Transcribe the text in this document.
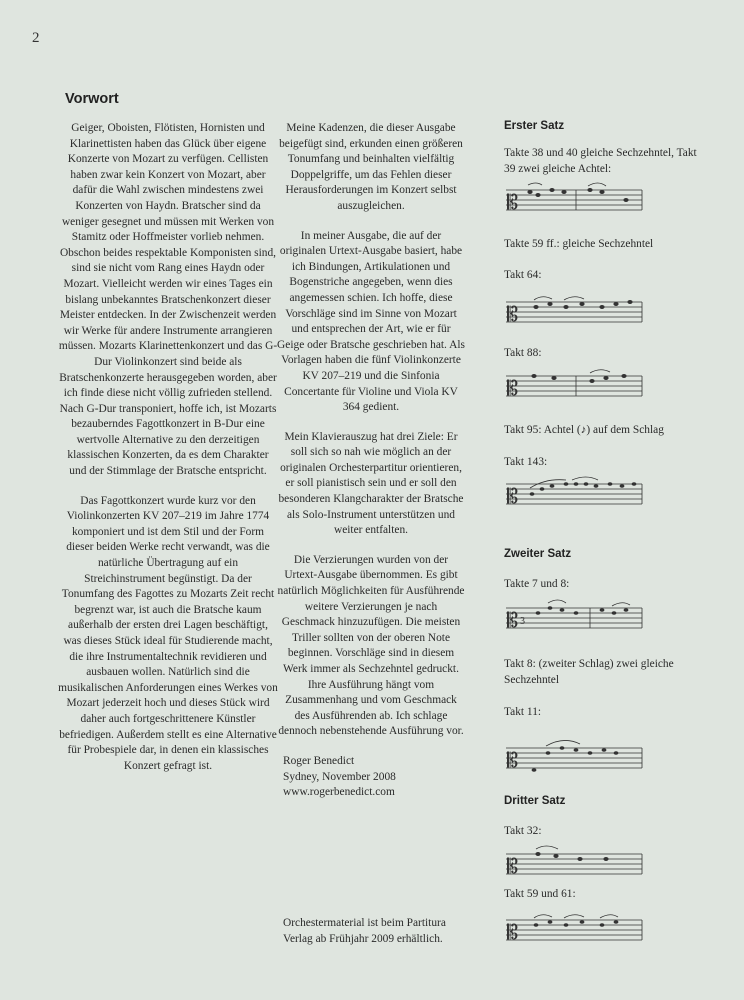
2
Vorwort

Geiger, Oboisten, Flötisten, Hornisten und Klarinettisten haben das Glück über eigene Konzerte von Mozart zu verfügen. Cellisten haben zwar kein Konzert von Mozart, aber dafür die Wahl zwischen mindestens zwei Konzerten von Haydn. Bratscher sind da weniger gesegnet und müssen mit Werken von Stamitz oder Hoffmeister vorlieb nehmen. Obschon beides respektable Komponisten sind, sind sie nicht vom Rang eines Haydn oder Mozart. Vielleicht werden wir eines Tages ein bislang unbekanntes Bratschenkonzert dieser Meister entdecken. In der Zwischenzeit werden wir Werke für andere Instrumente arrangieren müssen. Mozarts Klarinettenkonzert und das G-Dur Violinkonzert sind beide als Bratschenkonzerte herausgegeben worden, aber ich finde diese nicht völlig zufrieden stellend. Nach G-Dur transponiert, hoffe ich, ist Mozarts bezauberndes Fagottkonzert in B-Dur eine wertvolle Alternative zu den derzeitigen klassischen Konzerten, da es dem Charakter und der Stimmlage der Bratsche entspricht.

Das Fagottkonzert wurde kurz vor den Violinkonzerten KV 207–219 im Jahre 1774 komponiert und ist dem Stil und der Form dieser beiden Werke recht verwandt, was die natürliche Übertragung auf ein Streichinstrument begünstigt. Da der Tonumfang des Fagottes zu Mozarts Zeit recht begrenzt war, ist auch die Bratsche kaum außerhalb der ersten drei Lagen beschäftigt, was dieses Stück ideal für Studierende macht, die ihre Instrumentaltechnik revidieren und ausbauen wollen. Natürlich sind die musikalischen Anforderungen eines Werkes von Mozart jederzeit hoch und dieses Stück wird daher auch fortgeschrittenere Künstler befriedigen. Außerdem stellt es eine Alternative für Probespiele dar, in denen ein klassisches Konzert gefragt ist.

Meine Kadenzen, die dieser Ausgabe beigefügt sind, erkunden einen größeren Tonumfang und beinhalten vielfältig Doppelgriffe, um das Fehlen dieser Herausforderungen im Konzert selbst auszugleichen.

In meiner Ausgabe, die auf der originalen Urtext-Ausgabe basiert, habe ich Bindungen, Artikulationen und Bogenstriche angegeben, wenn dies angemessen schien. Ich hoffe, diese Vorschläge sind im Sinne von Mozart und entsprechen der Art, wie er für Geige oder Bratsche geschrieben hat. Als Vorlagen haben die fünf Violinkonzerte KV 207–219 und die Sinfonia Concertante für Violine und Viola KV 364 gedient.

Mein Klavierauszug hat drei Ziele: Er soll sich so nah wie möglich an der originalen Orchesterpartitur orientieren, er soll pianistisch sein und er soll den besonderen Klangcharakter der Bratsche als Solo-Instrument unterstützen und weiter entfalten.

Die Verzierungen wurden von der Urtext-Ausgabe übernommen. Es gibt natürlich Möglichkeiten für Ausführende weitere Verzierungen je nach Geschmack hinzuzufügen. Die meisten Triller sollten von der oberen Note beginnen. Vorschläge sind in diesem Werk immer als Sechzehntel gedruckt. Ihre Ausführung hängt vom Zusammenhang und vom Geschmack des Ausführenden ab. Ich schlage dennoch nebenstehende Ausführung vor.

Roger Benedict
Sydney, November 2008
www.rogerbenedict.com
Orchestermaterial ist beim Partitura Verlag ab Frühjahr 2009 erhältlich.
Erster Satz
Takte 38 und 40 gleiche Sechzehntel, Takt 39 zwei gleiche Achtel:
𝄡
Takte 59 ff.: gleiche Sechzehntel
Takt 64:
𝄡
Takt 88:
𝄡
Takt 95: Achtel (♪) auf dem Schlag
Takt 143:
𝄡
Zweiter Satz
Takte 7 und 8:
𝄡 3
Takt 8: (zweiter Schlag) zwei gleiche Sechzehntel
Takt 11:
𝄡
Dritter Satz
Takt 32:
𝄡
Takt 59 und 61:
𝄡
